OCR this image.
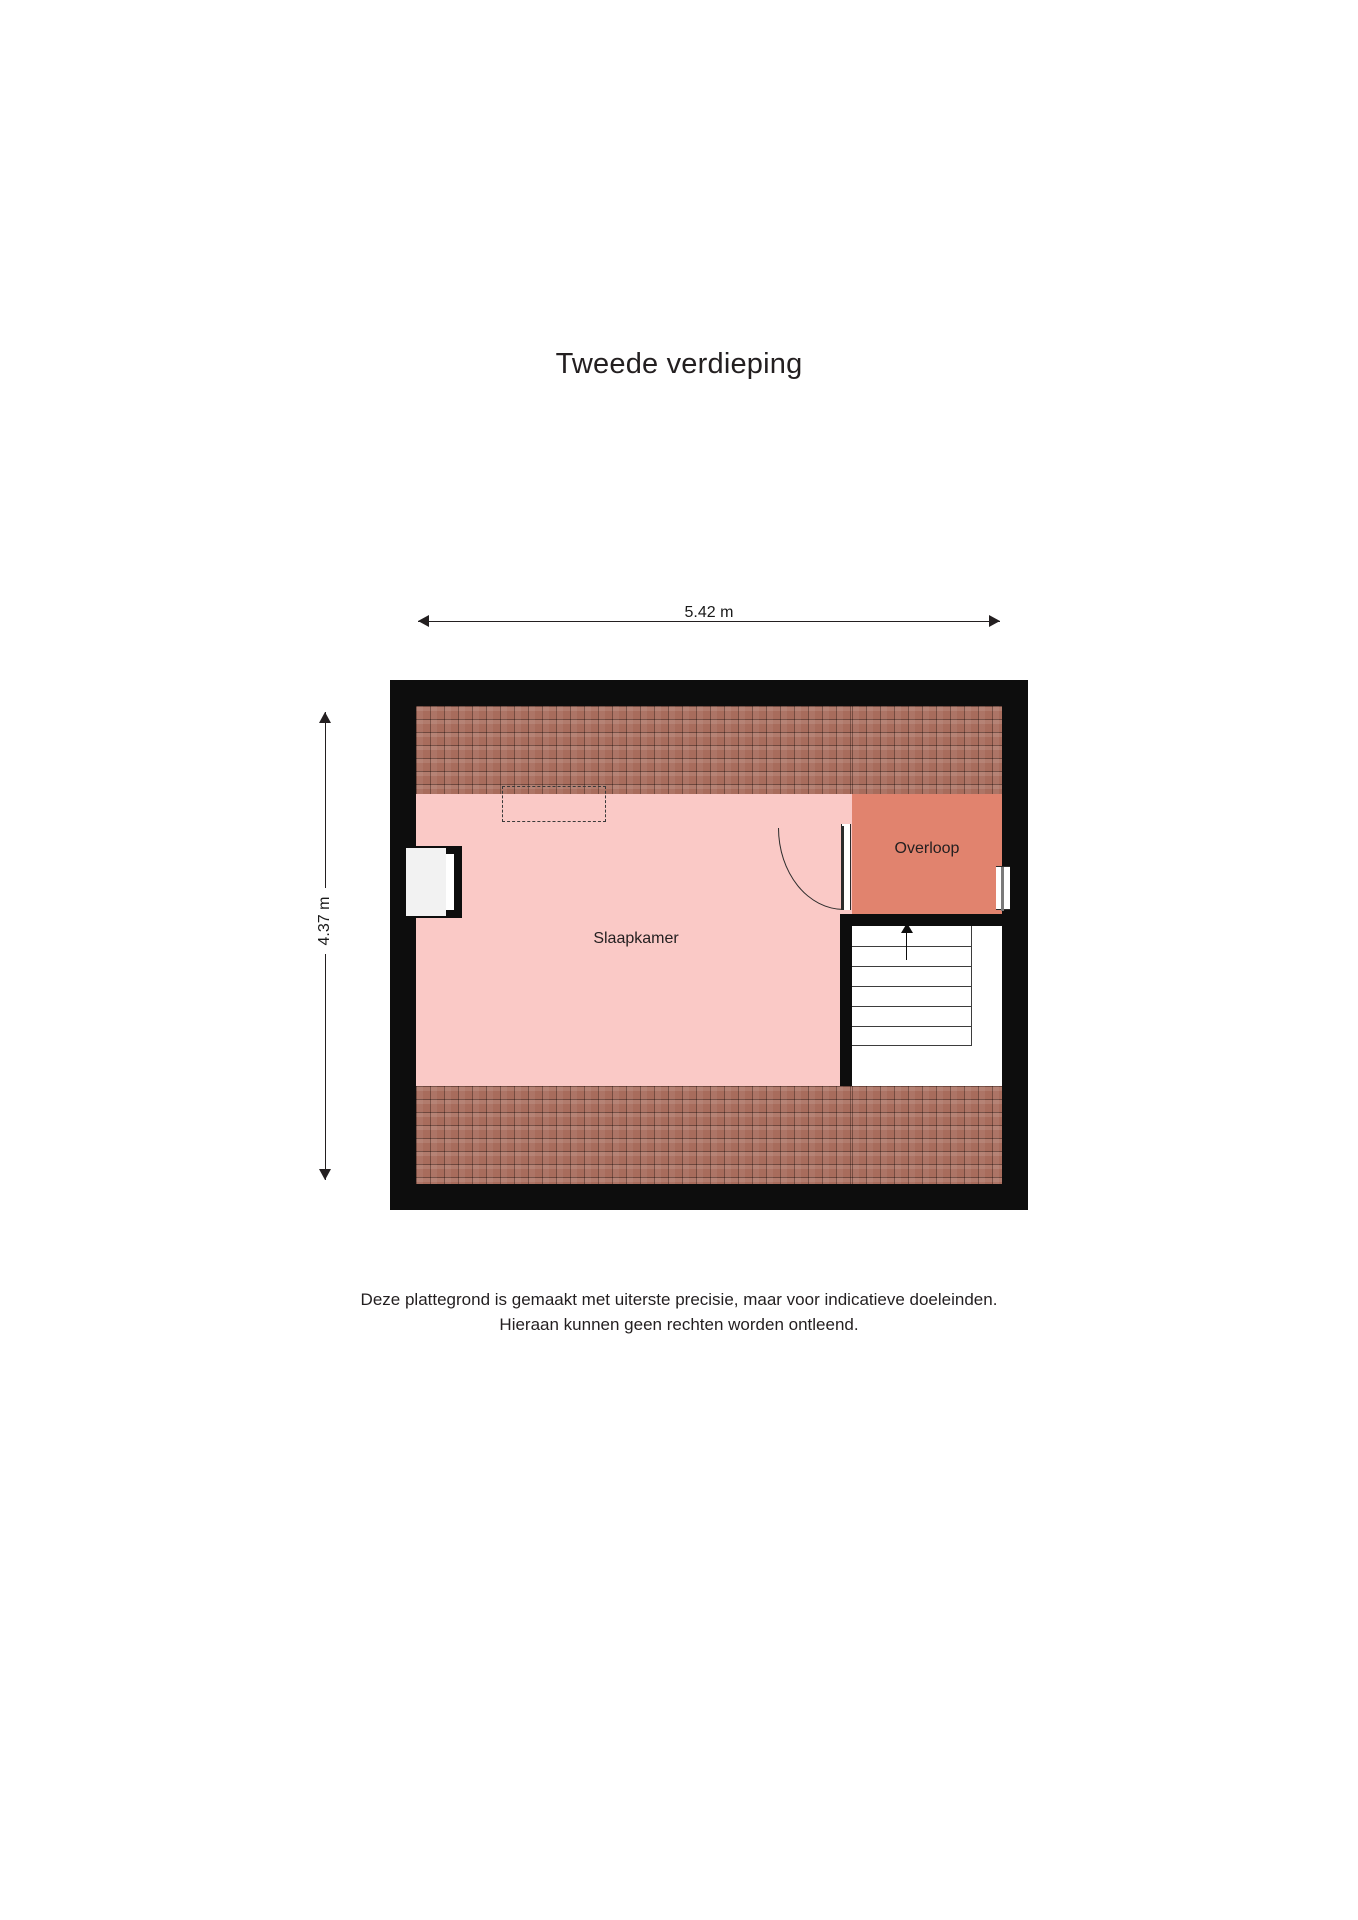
Tweede verdieping
5.42 m
4.37 m	Slaapkamer
Overloop
Deze plattegrond is gemaakt met uiterste precisie, maar voor indicatieve doeleinden.
Hieraan kunnen geen rechten worden ontleend.
